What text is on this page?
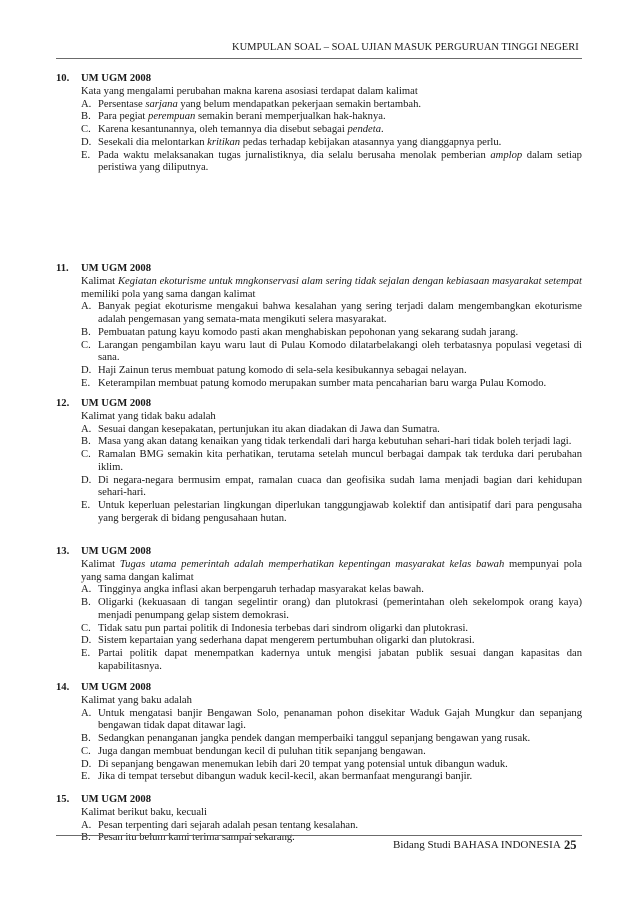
KUMPULAN SOAL – SOAL UJIAN MASUK PERGURUAN TINGGI NEGERI
10.	UM UGM 2008
Kata yang mengalami perubahan makna karena asosiasi terdapat dalam kalimat
A. Persentase sarjana yang belum mendapatkan pekerjaan semakin bertambah.
B. Para pegiat perempuan semakin berani memperjualkan hak-haknya.
C. Karena kesantunannya, oleh temannya dia disebut sebagai pendeta.
D. Sesekali dia melontarkan kritikan pedas terhadap kebijakan atasannya yang dianggapnya perlu.
E. Pada waktu melaksanakan tugas jurnalistiknya, dia selalu berusaha menolak pemberian amplop dalam setiap peristiwa yang diliputnya.
11.	UM UGM 2008
Kalimat Kegiatan ekoturisme untuk mngkonservasi alam sering tidak sejalan dengan kebiasaan masyarakat setempat memiliki pola yang sama dangan kalimat
A. Banyak pegiat ekoturisme mengakui bahwa kesalahan yang sering terjadi dalam mengembangkan ekoturisme adalah pengemasan yang semata-mata mengikuti selera masyarakat.
B. Pembuatan patung kayu komodo pasti akan menghabiskan pepohonan yang sekarang sudah jarang.
C. Larangan pengambilan kayu waru laut di Pulau Komodo dilatarbelakangi oleh terbatasnya populasi vegetasi di sana.
D. Haji Zainun terus membuat patung komodo di sela-sela kesibukannya sebagai nelayan.
E. Keterampilan membuat patung komodo merupakan sumber mata pencaharian baru warga Pulau Komodo.
12.	UM UGM 2008
Kalimat yang tidak baku adalah
A. Sesuai dangan kesepakatan, pertunjukan itu akan diadakan di Jawa dan Sumatra.
B. Masa yang akan datang kenaikan yang tidak terkendali dari harga kebutuhan sehari-hari tidak boleh terjadi lagi.
C. Ramalan BMG semakin kita perhatikan, terutama setelah muncul berbagai dampak tak terduka dari perubahan iklim.
D. Di negara-negara bermusim empat, ramalan cuaca dan geofisika sudah lama menjadi bagian dari kehidupan sehari-hari.
E. Untuk keperluan pelestarian lingkungan diperlukan tanggungjawab kolektif dan antisipatif dari para pengusaha yang bergerak di bidang pengusahaan hutan.
13.	UM UGM 2008
Kalimat Tugas utama pemerintah adalah memperhatikan kepentingan masyarakat kelas bawah mempunyai pola yang sama dangan kalimat
A. Tingginya angka inflasi akan berpengaruh terhadap masyarakat kelas bawah.
B. Oligarki (kekuasaan di tangan segelintir orang) dan plutokrasi (pemerintahan oleh sekelompok orang kaya) menjadi penumpang gelap sistem demokrasi.
C. Tidak satu pun partai politik di Indonesia terbebas dari sindrom oligarki dan plutokrasi.
D. Sistem kepartaian yang sederhana dapat mengerem pertumbuhan oligarki dan plutokrasi.
E. Partai politik dapat menempatkan kadernya untuk mengisi jabatan publik sesuai dangan kapasitas dan kapabilitasnya.
14.	UM UGM 2008
Kalimat yang baku adalah
A. Untuk mengatasi banjir Bengawan Solo, penanaman pohon disekitar Waduk Gajah Mungkur dan sepanjang bengawan tidak dapat ditawar lagi.
B. Sedangkan penanganan jangka pendek dangan memperbaiki tanggul sepanjang bengawan yang rusak.
C. Juga dangan membuat bendungan kecil di puluhan titik sepanjang bengawan.
D. Di sepanjang bengawan menemukan lebih dari 20 tempat yang potensial untuk dibangun waduk.
E. Jika di tempat tersebut dibangun waduk kecil-kecil, akan bermanfaat mengurangi banjir.
15.	UM UGM 2008
Kalimat berikut baku, kecuali
A. Pesan terpenting dari sejarah adalah pesan tentang kesalahan.
B. Pesan itu belum kami terima sampai sekarang.
Bidang Studi BAHASA INDONESIA 25
